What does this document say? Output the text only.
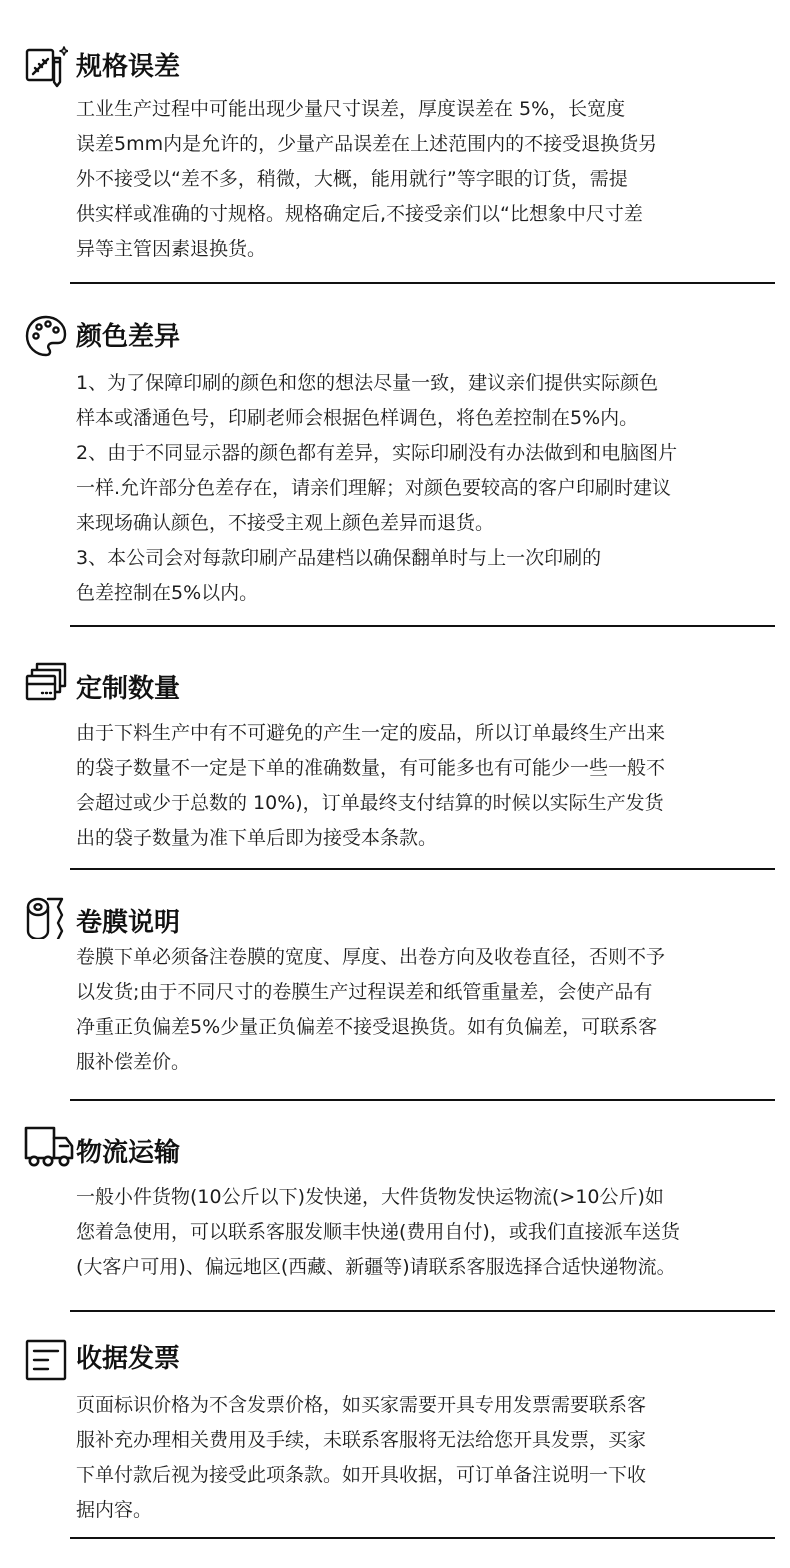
规格误差
工业生产过程中可能出现少量尺寸误差，厚度误差在 5%，长宽度
误差5mm内是允许的，少量产品误差在上述范围内的不接受退换货另
外不接受以“差不多，稍微，大概，能用就行”等字眼的订货，需提
供实样或准确的寸规格。规格确定后,不接受亲们以“比想象中尺寸差
异等主管因素退换货。
颜色差异
1、为了保障印刷的颜色和您的想法尽量一致，建议亲们提供实际颜色
样本或潘通色号，印刷老师会根据色样调色，将色差控制在5%内。
2、由于不同显示器的颜色都有差异，实际印刷没有办法做到和电脑图片
一样.允许部分色差存在，请亲们理解；对颜色要较高的客户印刷时建议
来现场确认颜色，不接受主观上颜色差异而退货。
3、本公司会对每款印刷产品建档以确保翻单时与上一次印刷的
色差控制在5%以内。
定制数量
由于下料生产中有不可避免的产生一定的废品，所以订单最终生产出来
的袋子数量不一定是下单的准确数量，有可能多也有可能少一些一般不
会超过或少于总数的 10%)，订单最终支付结算的时候以实际生产发货
出的袋子数量为准下单后即为接受本条款。
卷膜说明
卷膜下单必须备注卷膜的宽度、厚度、出卷方向及收卷直径，否则不予
以发货;由于不同尺寸的卷膜生产过程误差和纸管重量差，会使产品有
净重正负偏差5%少量正负偏差不接受退换货。如有负偏差，可联系客
服补偿差价。
物流运输
一般小件货物(10公斤以下)发快递，大件货物发快运物流(>10公斤)如
您着急使用，可以联系客服发顺丰快递(费用自付)，或我们直接派车送货
(大客户可用)、偏远地区(西藏、新疆等)请联系客服选择合适快递物流。
收据发票
页面标识价格为不含发票价格，如买家需要开具专用发票需要联系客
服补充办理相关费用及手续，未联系客服将无法给您开具发票，买家
下单付款后视为接受此项条款。如开具收据，可订单备注说明一下收
据内容。
